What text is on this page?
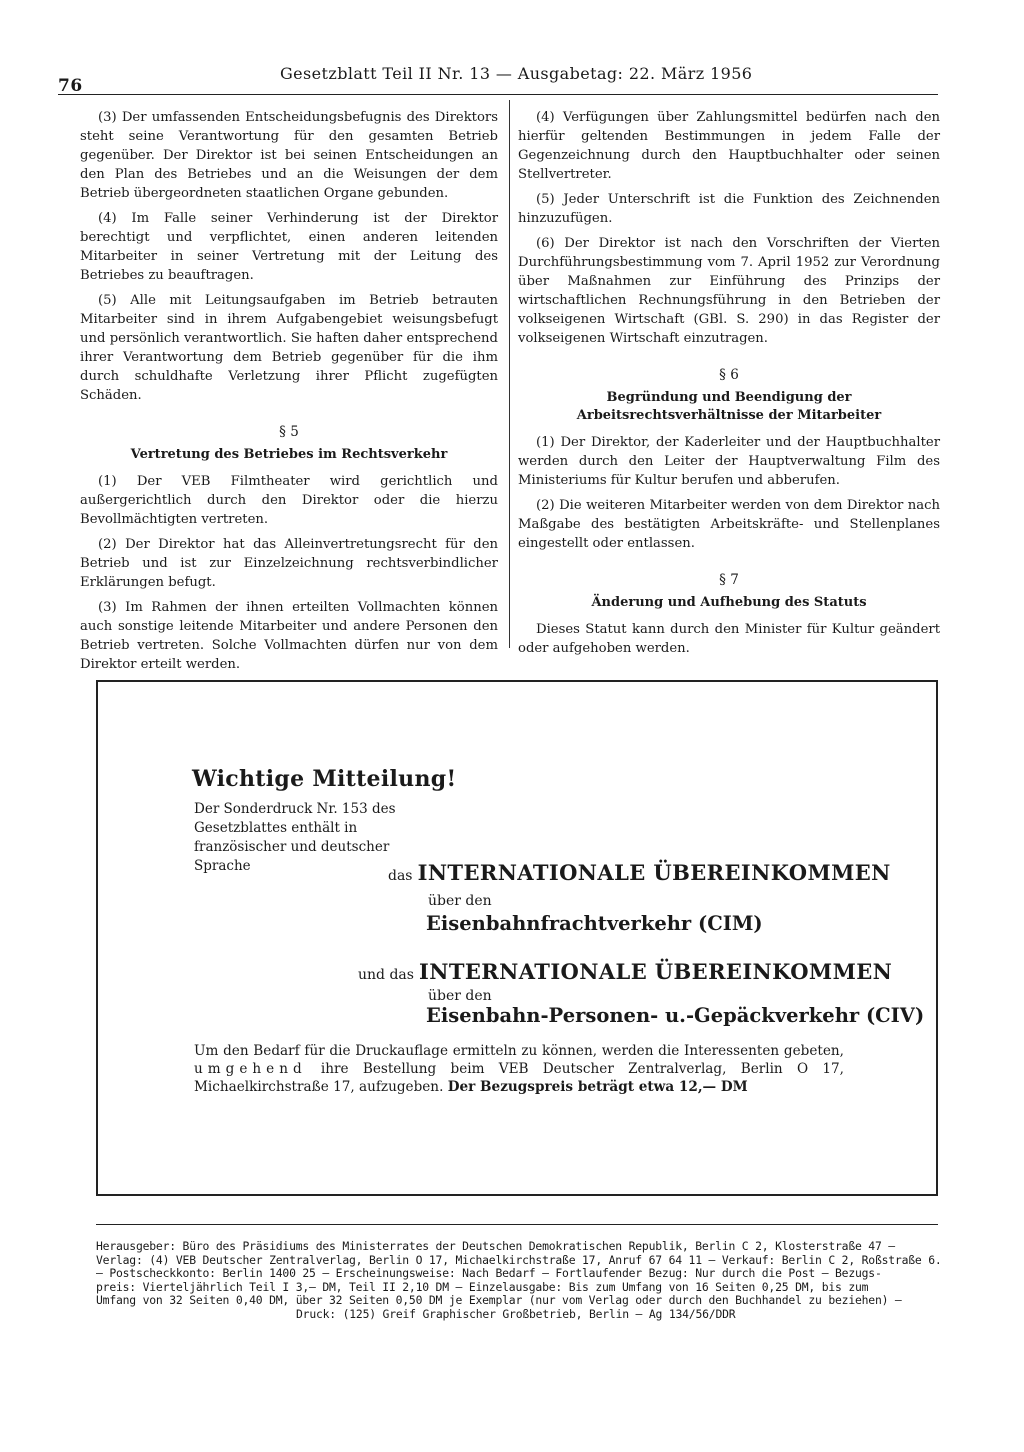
76
Gesetzblatt Teil II Nr. 13 — Ausgabetag: 22. März 1956

(3) Der umfassenden Entscheidungsbefugnis des Direktors steht seine Verantwortung für den gesamten Betrieb gegenüber. Der Direktor ist bei seinen Entscheidungen an den Plan des Betriebes und an die Weisungen der dem Betrieb übergeordneten staatlichen Organe gebunden.

(4) Im Falle seiner Verhinderung ist der Direktor berechtigt und verpflichtet, einen anderen leitenden Mitarbeiter in seiner Vertretung mit der Leitung des Betriebes zu beauftragen.

(5) Alle mit Leitungsaufgaben im Betrieb betrauten Mitarbeiter sind in ihrem Aufgabengebiet weisungsbefugt und persönlich verantwortlich. Sie haften daher entsprechend ihrer Verantwortung dem Betrieb gegenüber für die ihm durch schuldhafte Verletzung ihrer Pflicht zugefügten Schäden.

§ 5
Vertretung des Betriebes im Rechtsverkehr

(1) Der VEB Filmtheater wird gerichtlich und außergerichtlich durch den Direktor oder die hierzu Bevollmächtigten vertreten.

(2) Der Direktor hat das Alleinvertretungsrecht für den Betrieb und ist zur Einzelzeichnung rechtsverbindlicher Erklärungen befugt.

(3) Im Rahmen der ihnen erteilten Vollmachten können auch sonstige leitende Mitarbeiter und andere Personen den Betrieb vertreten. Solche Vollmachten dürfen nur von dem Direktor erteilt werden.

(4) Verfügungen über Zahlungsmittel bedürfen nach den hierfür geltenden Bestimmungen in jedem Falle der Gegenzeichnung durch den Hauptbuchhalter oder seinen Stellvertreter.

(5) Jeder Unterschrift ist die Funktion des Zeichnenden hinzuzufügen.

(6) Der Direktor ist nach den Vorschriften der Vierten Durchführungsbestimmung vom 7. April 1952 zur Verordnung über Maßnahmen zur Einführung des Prinzips der wirtschaftlichen Rechnungsführung in den Betrieben der volkseigenen Wirtschaft (GBl. S. 290) in das Register der volkseigenen Wirtschaft einzutragen.

§ 6
Begründung und Beendigung der Arbeitsrechtsverhältnisse der Mitarbeiter

(1) Der Direktor, der Kaderleiter und der Hauptbuchhalter werden durch den Leiter der Hauptverwaltung Film des Ministeriums für Kultur berufen und abberufen.

(2) Die weiteren Mitarbeiter werden von dem Direktor nach Maßgabe des bestätigten Arbeitskräfte- und Stellenplanes eingestellt oder entlassen.

§ 7
Änderung und Aufhebung des Statuts

Dieses Statut kann durch den Minister für Kultur geändert oder aufgehoben werden.

Wichtige Mitteilung!
Der Sonderdruck Nr. 153 des Gesetzblattes enthält in französischer und deutscher Sprache
das INTERNATIONALE ÜBEREINKOMMEN
über den
Eisenbahnfrachtverkehr (CIM)
und das INTERNATIONALE ÜBEREINKOMMEN
über den
Eisenbahn-Personen- u.-Gepäckverkehr (CIV)
Um den Bedarf für die Druckauflage ermitteln zu können, werden die Interessenten gebeten, umgehend ihre Bestellung beim VEB Deutscher Zentralverlag, Berlin O 17, Michaelkirchstraße 17, aufzugeben. Der Bezugspreis beträgt etwa 12,— DM

Herausgeber: Büro des Präsidiums des Ministerrates der Deutschen Demokratischen Republik, Berlin C 2, Klosterstraße 47 —

Verlag: (4) VEB Deutscher Zentralverlag, Berlin O 17, Michaelkirchstraße 17, Anruf 67 64 11 — Verkauf: Berlin C 2, Roßstraße 6.

— Postscheckkonto: Berlin 1400 25 — Erscheinungsweise: Nach Bedarf — Fortlaufender Bezug: Nur durch die Post — Bezugs-

preis: Vierteljährlich Teil I 3,— DM, Teil II 2,10 DM — Einzelausgabe: Bis zum Umfang von 16 Seiten 0,25 DM, bis zum

Umfang von 32 Seiten 0,40 DM, über 32 Seiten 0,50 DM je Exemplar (nur vom Verlag oder durch den Buchhandel zu beziehen) —

Druck: (125) Greif Graphischer Großbetrieb, Berlin — Ag 134/56/DDR
